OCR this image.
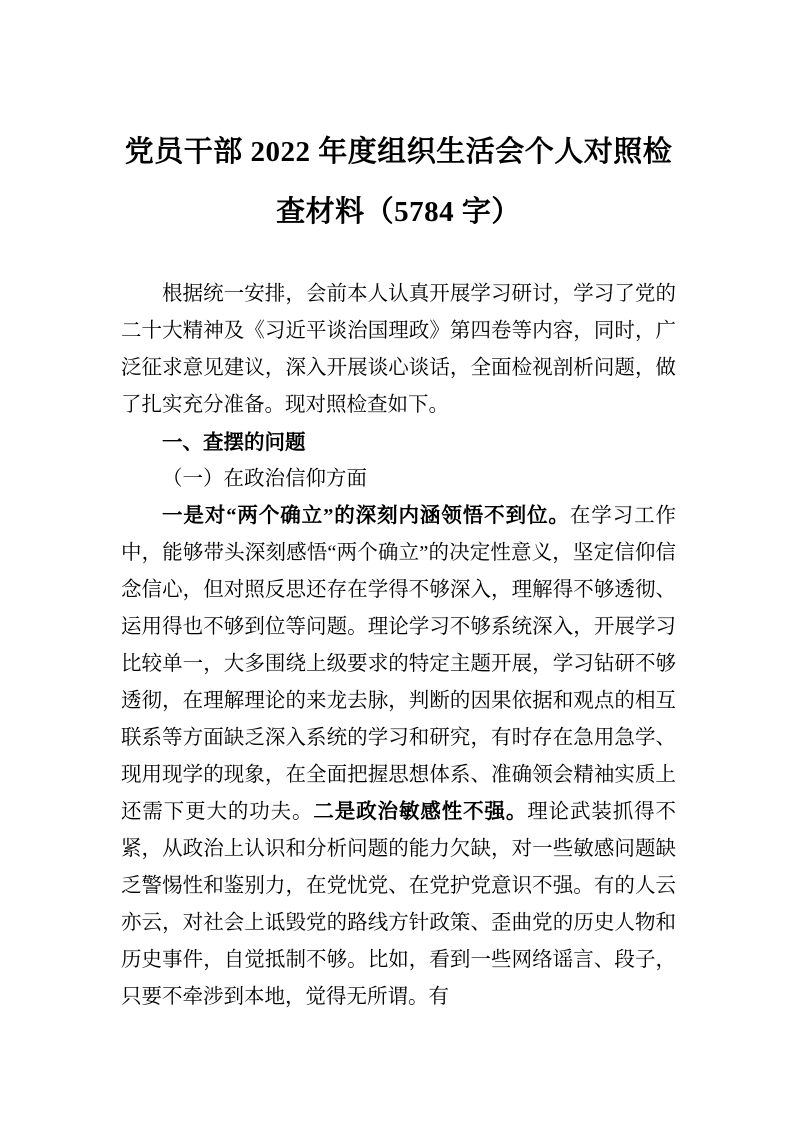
党员干部 2022 年度组织生活会个人对照检查材料（5784 字）

根据统一安排，会前本人认真开展学习研讨，学习了党的二十大精神及《习近平谈治国理政》第四卷等内容，同时，广泛征求意见建议，深入开展谈心谈话，全面检视剖析问题，做了扎实充分准备。现对照检查如下。

一、查摆的问题
（一）在政治信仰方面

一是对“两个确立”的深刻内涵领悟不到位。在学习工作中，能够带头深刻感悟“两个确立”的决定性意义，坚定信仰信念信心，但对照反思还存在学得不够深入，理解得不够透彻、运用得也不够到位等问题。理论学习不够系统深入，开展学习比较单一，大多围绕上级要求的特定主题开展，学习钻研不够透彻，在理解理论的来龙去脉，判断的因果依据和观点的相互联系等方面缺乏深入系统的学习和研究，有时存在急用急学、现用现学的现象，在全面把握思想体系、准确领会精袖实质上还需下更大的功夫。二是政治敏感性不强。理论武装抓得不紧，从政治上认识和分析问题的能力欠缺，对一些敏感问题缺乏警惕性和鉴别力，在党忧党、在党护党意识不强。有的人云亦云，对社会上诋毁党的路线方针政策、歪曲党的历史人物和历史事件，自觉抵制不够。比如，看到一些网络谣言、段子，只要不牵涉到本地，觉得无所谓。有
